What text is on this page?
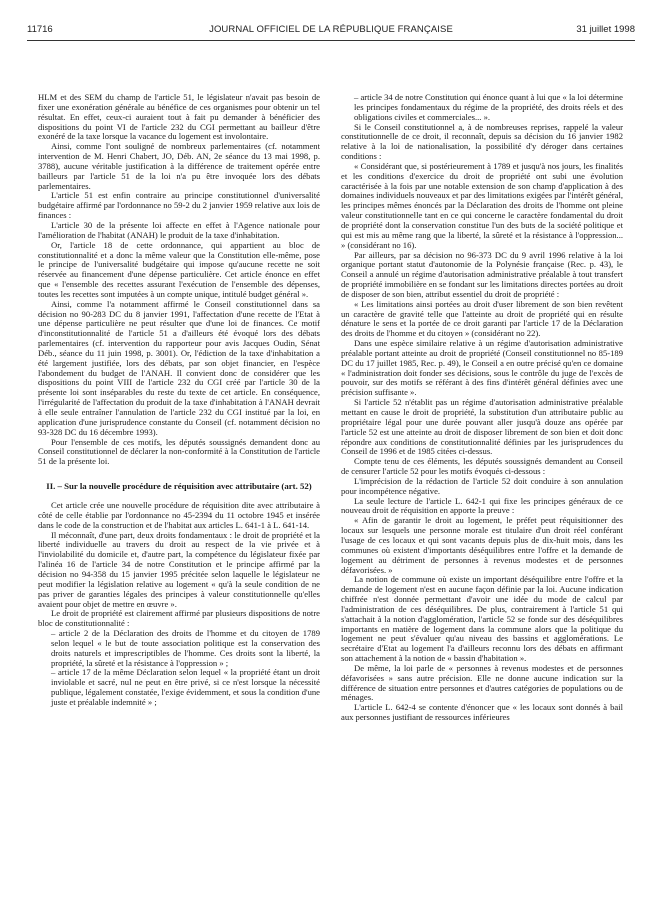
11716	JOURNAL OFFICIEL DE LA RÉPUBLIQUE FRANÇAISE	31 juillet 1998

HLM et des SEM du champ de l'article 51, le législateur n'avait pas besoin de fixer une exonération générale au bénéfice de ces organismes pour obtenir un tel résultat. En effet, ceux-ci auraient tout à fait pu demander à bénéficier des dispositions du point VI de l'article 232 du CGI permettant au bailleur d'être exonéré de la taxe lorsque la vacance du logement est involontaire.

Ainsi, comme l'ont souligné de nombreux parlementaires (cf. notamment intervention de M. Henri Chabert, JO, Déb. AN, 2e séance du 13 mai 1998, p. 3788), aucune véritable justification à la différence de traitement opérée entre bailleurs par l'article 51 de la loi n'a pu être invoquée lors des débats parlementaires.

L'article 51 est enfin contraire au principe constitutionnel d'universalité budgétaire affirmé par l'ordonnance no 59-2 du 2 janvier 1959 relative aux lois de finances :

L'article 30 de la présente loi affecte en effet à l'Agence nationale pour l'amélioration de l'habitat (ANAH) le produit de la taxe d'inhabitation.

Or, l'article 18 de cette ordonnance, qui appartient au bloc de constitutionnalité et a donc la même valeur que la Constitution elle-même, pose le principe de l'universalité budgétaire qui impose qu'aucune recette ne soit réservée au financement d'une dépense particulière. Cet article énonce en effet que « l'ensemble des recettes assurant l'exécution de l'ensemble des dépenses, toutes les recettes sont imputées à un compte unique, intitulé budget général ».

Ainsi, comme l'a notamment affirmé le Conseil constitutionnel dans sa décision no 90-283 DC du 8 janvier 1991, l'affectation d'une recette de l'Etat à une dépense particulière ne peut résulter que d'une loi de finances. Ce motif d'inconstitutionnalité de l'article 51 a d'ailleurs été évoqué lors des débats parlementaires (cf. intervention du rapporteur pour avis Jacques Oudin, Sénat Déb., séance du 11 juin 1998, p. 3001). Or, l'édiction de la taxe d'inhabitation a été largement justifiée, lors des débats, par son objet financier, en l'espèce l'abondement du budget de l'ANAH. Il convient donc de considérer que les dispositions du point VIII de l'article 232 du CGI créé par l'article 30 de la présente loi sont inséparables du reste du texte de cet article. En conséquence, l'irrégularité de l'affectation du produit de la taxe d'inhabitation à l'ANAH devrait à elle seule entraîner l'annulation de l'article 232 du CGI institué par la loi, en application d'une jurisprudence constante du Conseil (cf. notamment décision no 93-328 DC du 16 décembre 1993).

Pour l'ensemble de ces motifs, les députés soussignés demandent donc au Conseil constitutionnel de déclarer la non-conformité à la Constitution de l'article 51 de la présente loi.

II. – Sur la nouvelle procédure de réquisition avec attributaire (art. 52)

Cet article crée une nouvelle procédure de réquisition dite avec attributaire à côté de celle établie par l'ordonnance no 45-2394 du 11 octobre 1945 et insérée dans le code de la construction et de l'habitat aux articles L. 641-1 à L. 641-14.

Il méconnaît, d'une part, deux droits fondamentaux : le droit de propriété et la liberté individuelle au travers du droit au respect de la vie privée et à l'inviolabilité du domicile et, d'autre part, la compétence du législateur fixée par l'alinéa 16 de l'article 34 de notre Constitution et le principe affirmé par la décision no 94-358 du 15 janvier 1995 précitée selon laquelle le législateur ne peut modifier la législation relative au logement « qu'à la seule condition de ne pas priver de garanties légales des principes à valeur constitutionnelle qu'elles avaient pour objet de mettre en œuvre ».

Le droit de propriété est clairement affirmé par plusieurs dispositions de notre bloc de constitutionnalité :

– article 2 de la Déclaration des droits de l'homme et du citoyen de 1789 selon lequel « le but de toute association politique est la conservation des droits naturels et imprescriptibles de l'homme. Ces droits sont la liberté, la propriété, la sûreté et la résistance à l'oppression » ;

– article 17 de la même Déclaration selon lequel « la propriété étant un droit inviolable et sacré, nul ne peut en être privé, si ce n'est lorsque la nécessité publique, légalement constatée, l'exige évidemment, et sous la condition d'une juste et préalable indemnité » ;

– article 34 de notre Constitution qui énonce quant à lui que « la loi détermine les principes fondamentaux du régime de la propriété, des droits réels et des obligations civiles et commerciales... ».

Si le Conseil constitutionnel a, à de nombreuses reprises, rappelé la valeur constitutionnelle de ce droit, il reconnaît, depuis sa décision du 16 janvier 1982 relative à la loi de nationalisation, la possibilité d'y déroger dans certaines conditions :

« Considérant que, si postérieurement à 1789 et jusqu'à nos jours, les finalités et les conditions d'exercice du droit de propriété ont subi une évolution caractérisée à la fois par une notable extension de son champ d'application à des domaines individuels nouveaux et par des limitations exigées par l'intérêt général, les principes mêmes énoncés par la Déclaration des droits de l'homme ont pleine valeur constitutionnelle tant en ce qui concerne le caractère fondamental du droit de propriété dont la conservation constitue l'un des buts de la société politique et qui est mis au même rang que la liberté, la sûreté et la résistance à l'oppression... » (considérant no 16).

Par ailleurs, par sa décision no 96-373 DC du 9 avril 1996 relative à la loi organique portant statut d'autonomie de la Polynésie française (Rec. p. 43), le Conseil a annulé un régime d'autorisation administrative préalable à tout transfert de propriété immobilière en se fondant sur les limitations directes portées au droit de disposer de son bien, attribut essentiel du droit de propriété :

« Les limitations ainsi portées au droit d'user librement de son bien revêtent un caractère de gravité telle que l'atteinte au droit de propriété qui en résulte dénature le sens et la portée de ce droit garanti par l'article 17 de la Déclaration des droits de l'homme et du citoyen » (considérant no 22).

Dans une espèce similaire relative à un régime d'autorisation administrative préalable portant atteinte au droit de propriété (Conseil constitutionnel no 85-189 DC du 17 juillet 1985, Rec. p. 49), le Conseil a en outre précisé qu'en ce domaine « l'administration doit fonder ses décisions, sous le contrôle du juge de l'excès de pouvoir, sur des motifs se référant à des fins d'intérêt général définies avec une précision suffisante ».

Si l'article 52 n'établit pas un régime d'autorisation administrative préalable mettant en cause le droit de propriété, la substitution d'un attributaire public au propriétaire légal pour une durée pouvant aller jusqu'à douze ans opérée par l'article 52 est une atteinte au droit de disposer librement de son bien et doit donc répondre aux conditions de constitutionnalité définies par les jurisprudences du Conseil de 1996 et de 1985 citées ci-dessus.

Compte tenu de ces éléments, les députés soussignés demandent au Conseil de censurer l'article 52 pour les motifs évoqués ci-dessous :

L'imprécision de la rédaction de l'article 52 doit conduire à son annulation pour incompétence négative.

La seule lecture de l'article L. 642-1 qui fixe les principes généraux de ce nouveau droit de réquisition en apporte la preuve :

« Afin de garantir le droit au logement, le préfet peut réquisitionner des locaux sur lesquels une personne morale est titulaire d'un droit réel conférant l'usage de ces locaux et qui sont vacants depuis plus de dix-huit mois, dans les communes où existent d'importants déséquilibres entre l'offre et la demande de logement au détriment de personnes à revenus modestes et de personnes défavorisées. »

La notion de commune où existe un important déséquilibre entre l'offre et la demande de logement n'est en aucune façon définie par la loi. Aucune indication chiffrée n'est donnée permettant d'avoir une idée du mode de calcul par l'administration de ces déséquilibres. De plus, contrairement à l'article 51 qui s'attachait à la notion d'agglomération, l'article 52 se fonde sur des déséquilibres importants en matière de logement dans la commune alors que la politique du logement ne peut s'évaluer qu'au niveau des bassins et agglomérations. Le secrétaire d'Etat au logement l'a d'ailleurs reconnu lors des débats en affirmant son attachement à la notion de « bassin d'habitation ».

De même, la loi parle de « personnes à revenus modestes et de personnes défavorisées » sans autre précision. Elle ne donne aucune indication sur la différence de situation entre personnes et d'autres catégories de populations ou de ménages.

L'article L. 642-4 se contente d'énoncer que « les locaux sont donnés à bail aux personnes justifiant de ressources inférieures
